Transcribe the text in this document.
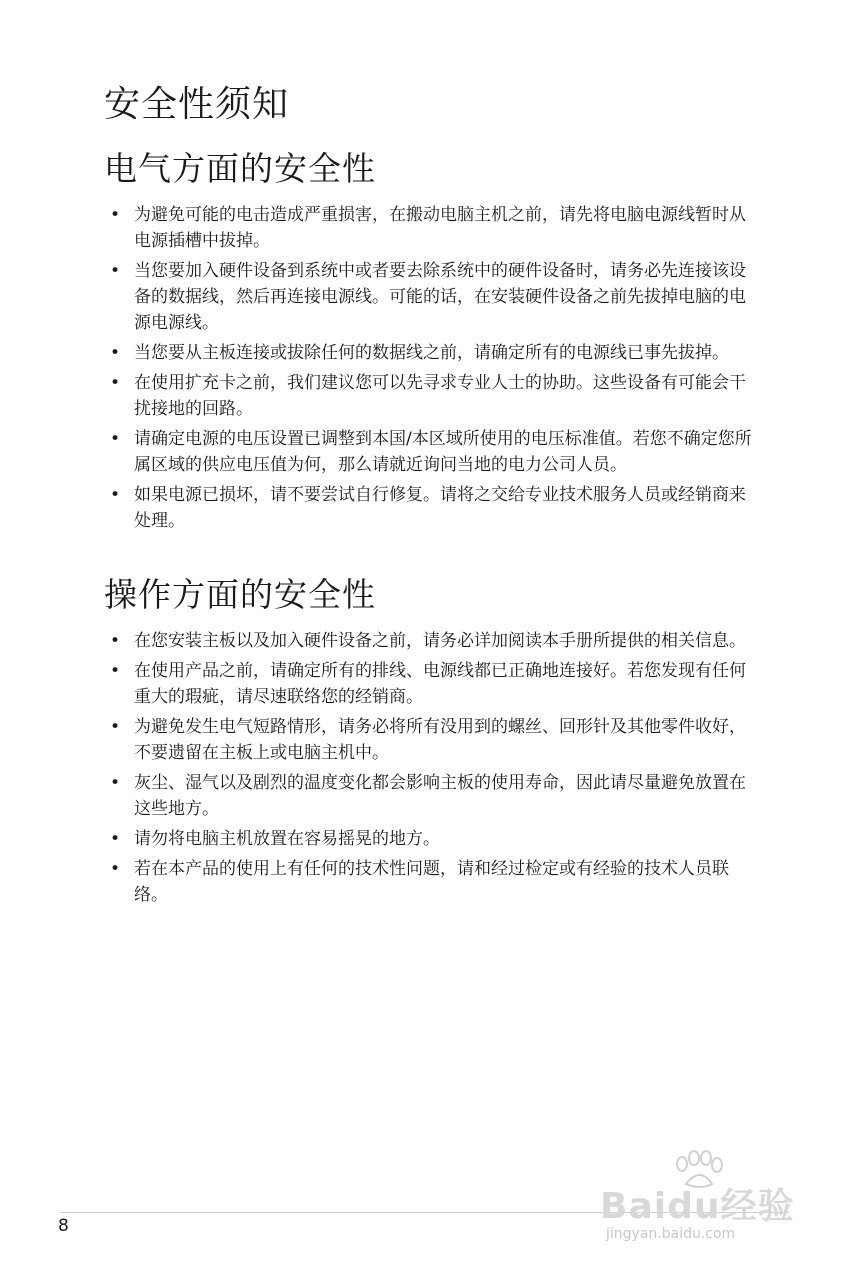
安全性须知
电气方面的安全性
• 为避免可能的电击造成严重损害，在搬动电脑主机之前，请先将电脑电源线暂时从电源插槽中拔掉。
• 当您要加入硬件设备到系统中或者要去除系统中的硬件设备时，请务必先连接该设备的数据线，然后再连接电源线。可能的话，在安装硬件设备之前先拔掉电脑的电源电源线。
• 当您要从主板连接或拔除任何的数据线之前，请确定所有的电源线已事先拔掉。
• 在使用扩充卡之前，我们建议您可以先寻求专业人士的协助。这些设备有可能会干扰接地的回路。
• 请确定电源的电压设置已调整到本国/本区域所使用的电压标准值。若您不确定您所属区域的供应电压值为何，那么请就近询问当地的电力公司人员。
• 如果电源已损坏，请不要尝试自行修复。请将之交给专业技术服务人员或经销商来处理。
操作方面的安全性
• 在您安装主板以及加入硬件设备之前，请务必详加阅读本手册所提供的相关信息。
• 在使用产品之前，请确定所有的排线、电源线都已正确地连接好。若您发现有任何重大的瑕疵，请尽速联络您的经销商。
• 为避免发生电气短路情形，请务必将所有没用到的螺丝、回形针及其他零件收好，不要遗留在主板上或电脑主机中。
• 灰尘、湿气以及剧烈的温度变化都会影响主板的使用寿命，因此请尽量避免放置在这些地方。
• 请勿将电脑主机放置在容易摇晃的地方。
• 若在本产品的使用上有任何的技术性问题，请和经过检定或有经验的技术人员联络。
8	Baidu经验
jingyan.baidu.com
